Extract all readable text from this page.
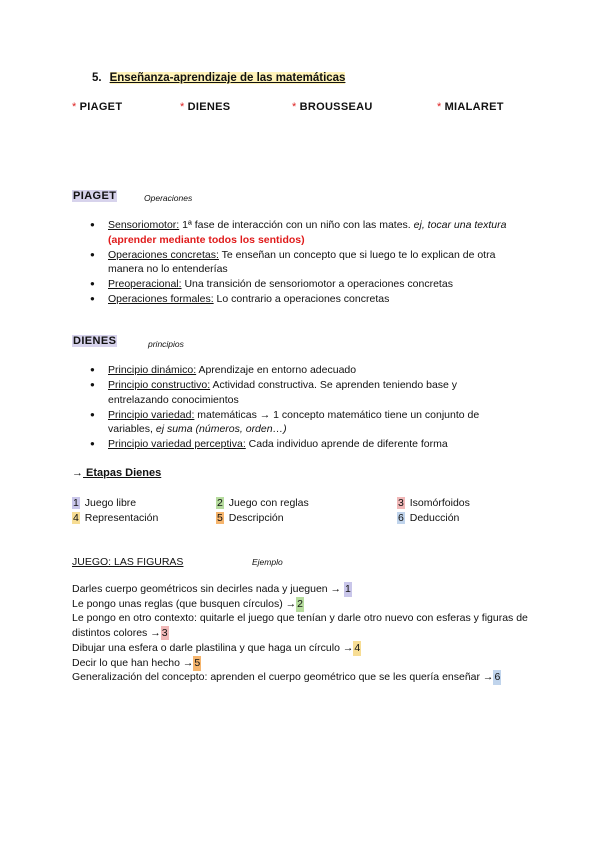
5. Enseñanza-aprendizaje de las matemáticas
* PIAGET	* DIENES	* BROUSSEAU	* MIALARET
PIAGET	Operaciones
● Sensoriomotor: 1ª fase de interacción con un niño con las mates. ej, tocar una textura (aprender mediante todos los sentidos)
● Operaciones concretas: Te enseñan un concepto que si luego te lo explican de otra manera no lo entenderías
● Preoperacional: Una transición de sensoriomotor a operaciones concretas
● Operaciones formales: Lo contrario a operaciones concretas
DIENES	principios
● Principio dinámico: Aprendizaje en entorno adecuado
● Principio constructivo: Actividad constructiva. Se aprenden teniendo base y entrelazando conocimientos
● Principio variedad: matemáticas → 1 concepto matemático tiene un conjunto de variables, ej suma (números, orden…)
● Principio variedad perceptiva: Cada individuo aprende de diferente forma
→ Etapas Dienes
1 Juego libre	2 Juego con reglas	3 Isomórfoidos
4 Representación	5 Descripción	6 Deducción
JUEGO: LAS FIGURAS	Ejemplo
Darles cuerpo geométricos sin decirles nada y jueguen → 1
Le pongo unas reglas (que busquen círculos) →2
Le pongo en otro contexto: quitarle el juego que tenían y darle otro nuevo con esferas y figuras de distintos colores →3
Dibujar una esfera o darle plastilina y que haga un círculo →4
Decir lo que han hecho →5
Generalización del concepto: aprenden el cuerpo geométrico que se les quería enseñar →6
